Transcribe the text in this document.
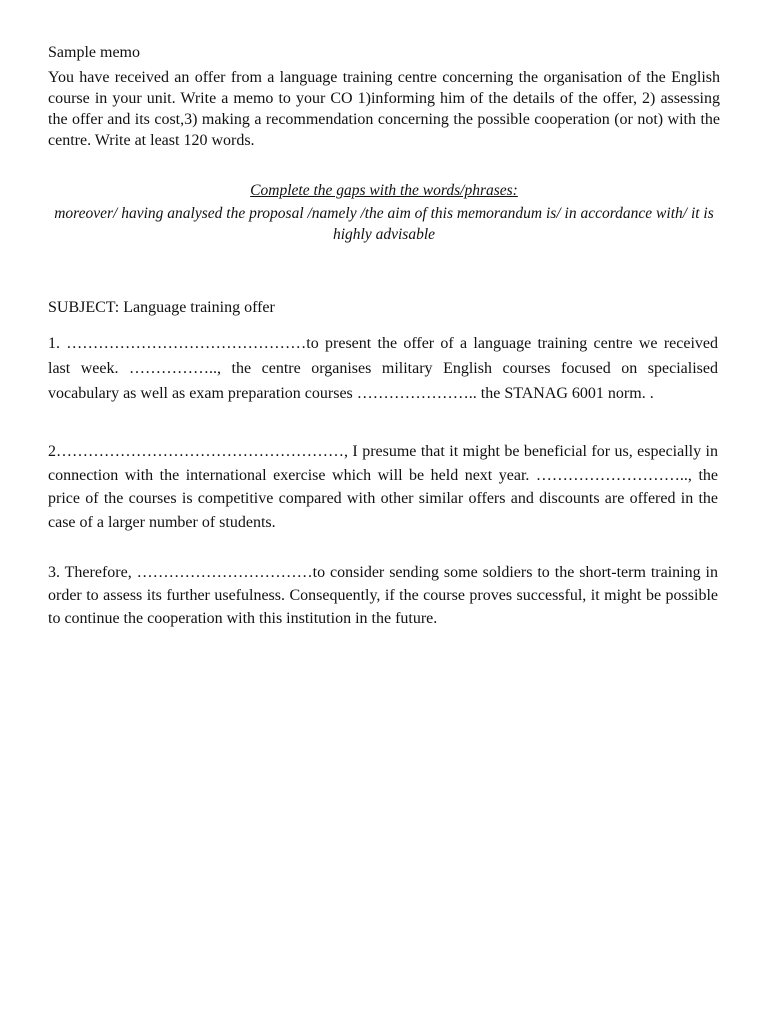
Sample memo
You have received an offer from a language training centre concerning the organisation of the English course in your unit. Write a memo to your CO 1)informing him of the details of the offer, 2) assessing the offer and its cost,3) making a recommendation concerning the possible cooperation (or not) with the centre. Write at least 120 words.
Complete the gaps with the words/phrases:
moreover/ having analysed the proposal /namely /the aim of this memorandum is/ in accordance with/ it is highly advisable
SUBJECT: Language training offer
1. ………………………………………to present the offer of a language training centre we received last week. …………….., the centre organises military English courses focused on specialised vocabulary as well as exam preparation courses ………………….. the STANAG 6001 norm. .
2………………………………………………, I presume that it might be beneficial for us, especially in connection with the international exercise which will be held next year. ……………………….., the price of the courses is competitive compared with other similar offers and discounts are offered in the case of a larger number of students.
3. Therefore, ……………………………to consider sending some soldiers to the short-term training in order to assess its further usefulness. Consequently, if the course proves successful, it might be possible to continue the cooperation with this institution in the future.
